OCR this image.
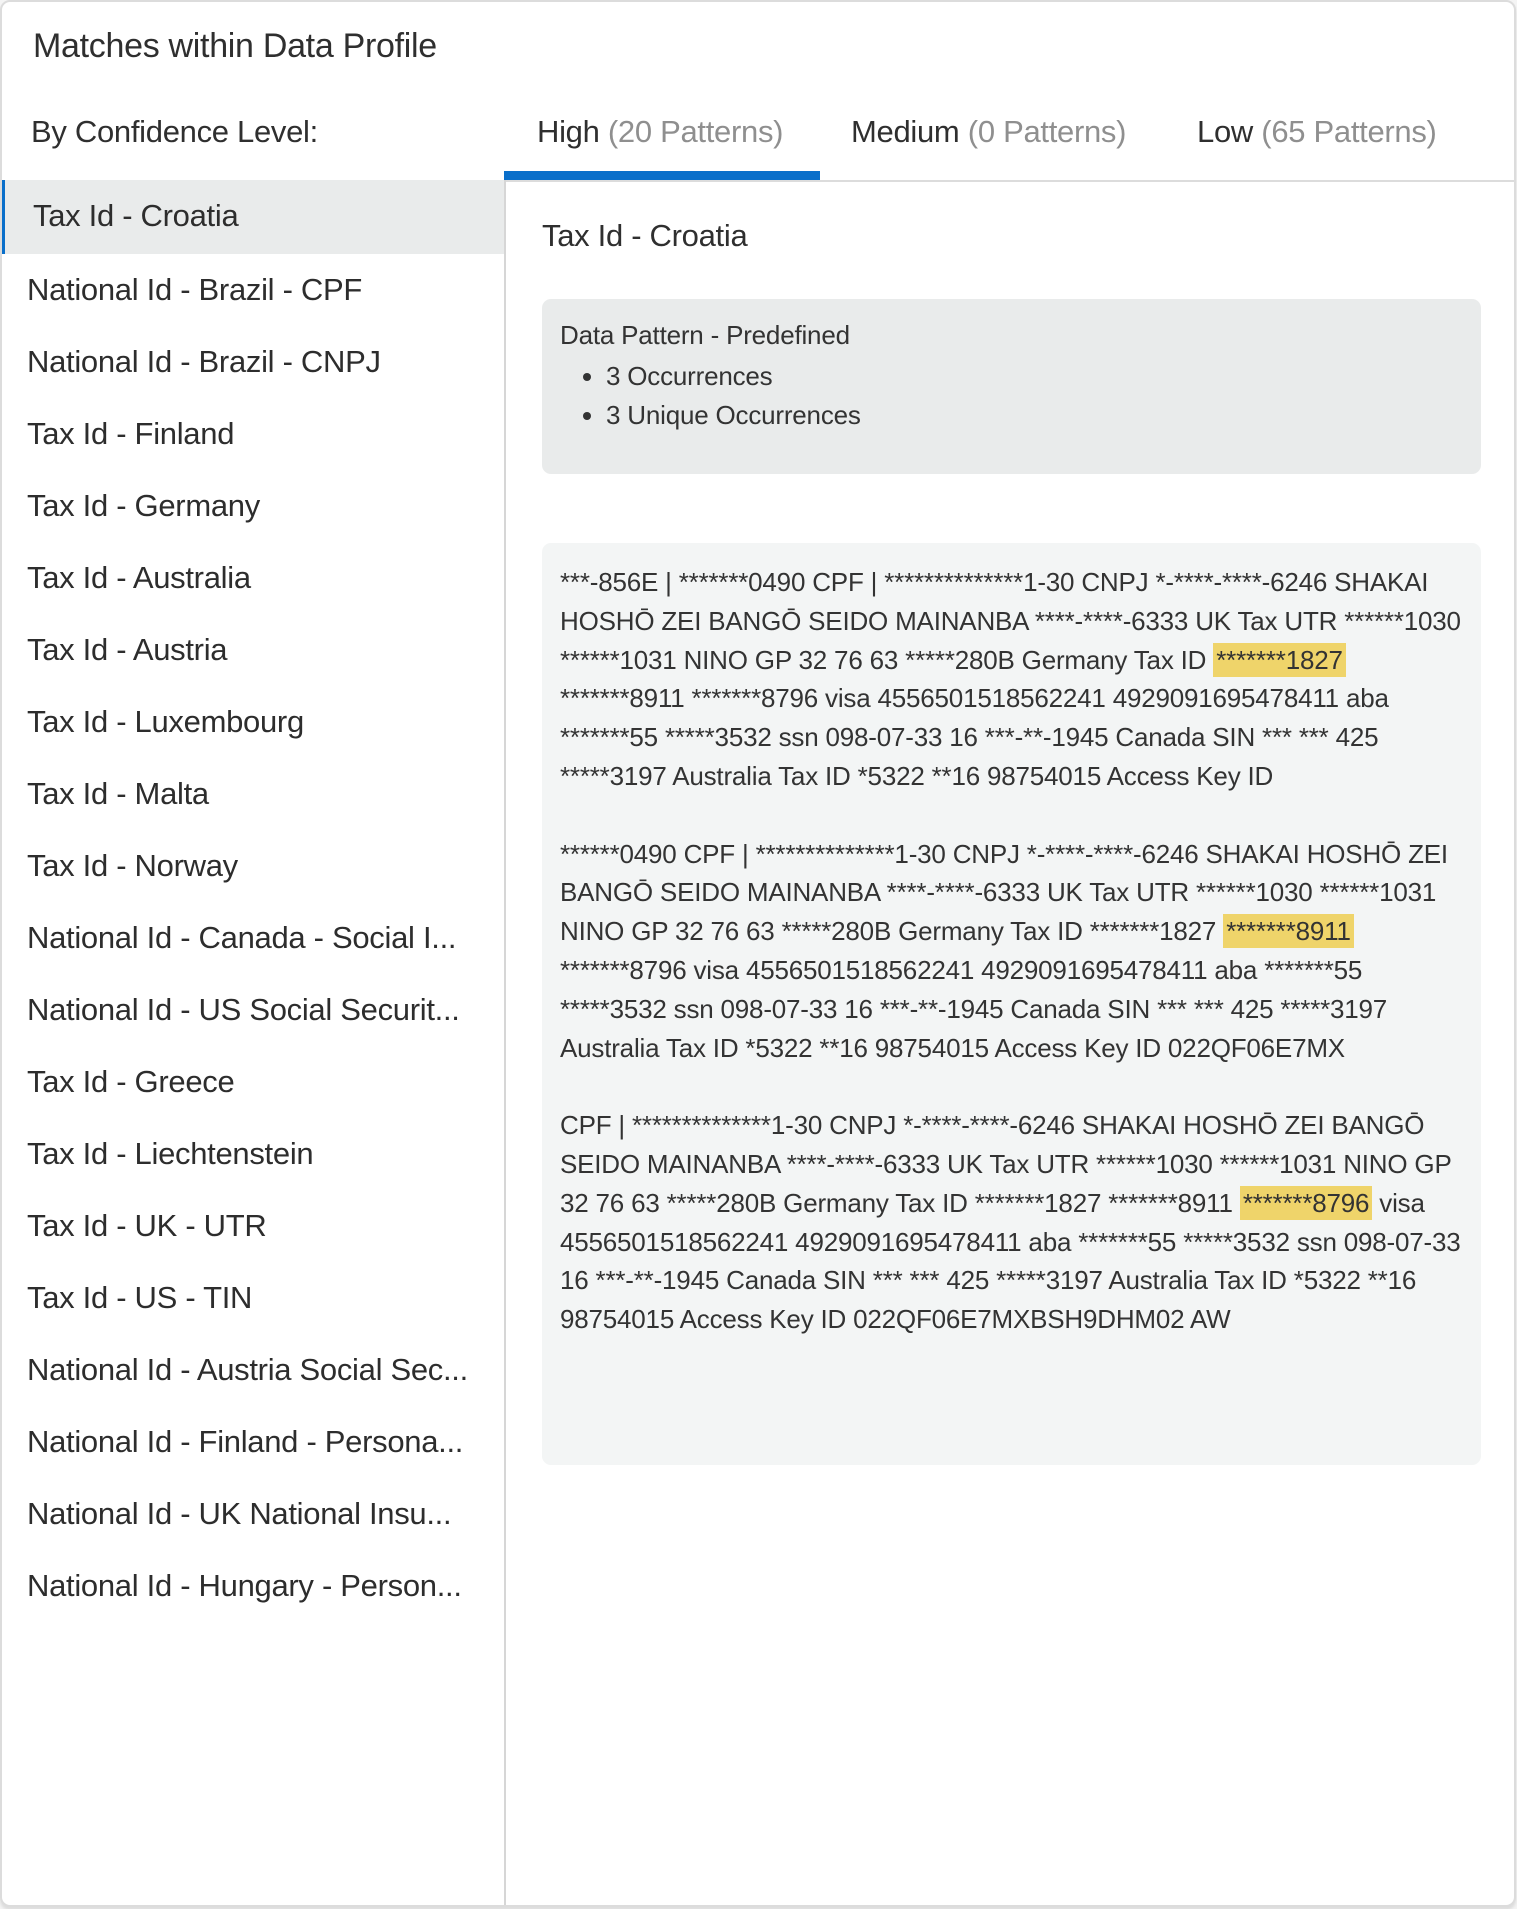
Matches within Data Profile
By Confidence Level:	High (20 Patterns)	Medium (0 Patterns) Low (65 Patterns)
Tax Id - Croatia
National Id - Brazil - CPF
National Id - Brazil - CNPJ
Tax Id - Finland
Tax Id - Germany
Tax Id - Australia
Tax Id - Austria
Tax Id - Luxembourg
Tax Id - Malta
Tax Id - Norway
National Id - Canada - Social I...
National Id - US Social Securit...
Tax Id - Greece
Tax Id - Liechtenstein
Tax Id - UK - UTR
Tax Id - US - TIN
National Id - Austria Social Sec...
National Id - Finland - Persona...
National Id - UK National Insu...
National Id - Hungary - Person...
Tax Id - Croatia
Data Pattern - Predefined
• 3 Occurrences
• 3 Unique Occurrences

***-856E | *******0490 CPF | **************1-30 CNPJ *-****-****-6246 SHAKAI HOSHŌ ZEI BANGŌ SEIDO MAINANBA ****-****-6333 UK Tax UTR ******1030 ******1031 NINO GP 32 76 63 *****280B Germany Tax ID *******1827 *******8911 *******8796 visa 4556501518562241 4929091695478411 aba *******55 *****3532 ssn 098-07-33 16 ***-**-1945 Canada SIN *** *** 425 *****3197 Australia Tax ID *5322 **16 98754015 Access Key ID

******0490 CPF | **************1-30 CNPJ *-****-****-6246 SHAKAI HOSHŌ ZEI BANGŌ SEIDO MAINANBA ****-****-6333 UK Tax UTR ******1030 ******1031 NINO GP 32 76 63 *****280B Germany Tax ID *******1827 *******8911 *******8796 visa 4556501518562241 4929091695478411 aba *******55 *****3532 ssn 098-07-33 16 ***-**-1945 Canada SIN *** *** 425 *****3197 Australia Tax ID *5322 **16 98754015 Access Key ID 022QF06E7MX

CPF | **************1-30 CNPJ *-****-****-6246 SHAKAI HOSHŌ ZEI BANGŌ SEIDO MAINANBA ****-****-6333 UK Tax UTR ******1030 ******1031 NINO GP 32 76 63 *****280B Germany Tax ID *******1827 *******8911 *******8796 visa 4556501518562241 4929091695478411 aba *******55 *****3532 ssn 098-07-33 16 ***-**-1945 Canada SIN *** *** 425 *****3197 Australia Tax ID *5322 **16 98754015 Access Key ID 022QF06E7MXBSH9DHM02 AW
